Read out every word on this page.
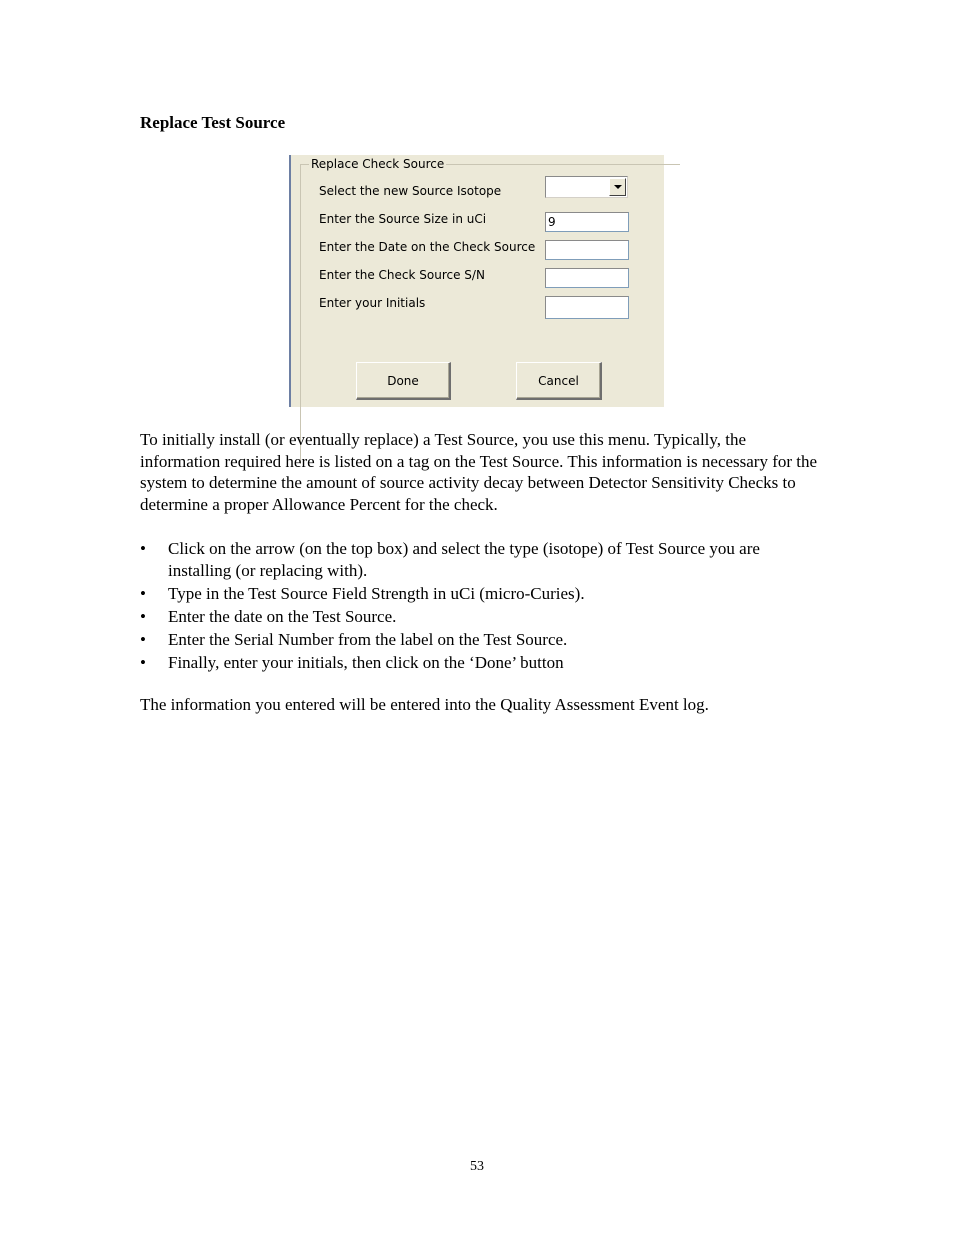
Replace Test Source
Replace Check Source
Select the new Source Isotope
Enter the Source Size in uCi
9
Enter the Date on the Check Source
Enter the Check Source S/N
Enter your Initials
Done	Cancel

To initially install (or eventually replace) a Test Source, you use this menu. Typically, the information required here is listed on a tag on the Test Source. This information is necessary for the system to determine the amount of source activity decay between Detector Sensitivity Checks to determine a proper Allowance Percent for the check.

• Click on the arrow (on the top box) and select the type (isotope) of Test Source you are installing (or replacing with).
• Type in the Test Source Field Strength in uCi (micro-Curies).
• Enter the date on the Test Source.
• Enter the Serial Number from the label on the Test Source.
• Finally, enter your initials, then click on the ‘Done’ button

The information you entered will be entered into the Quality Assessment Event log.

53
